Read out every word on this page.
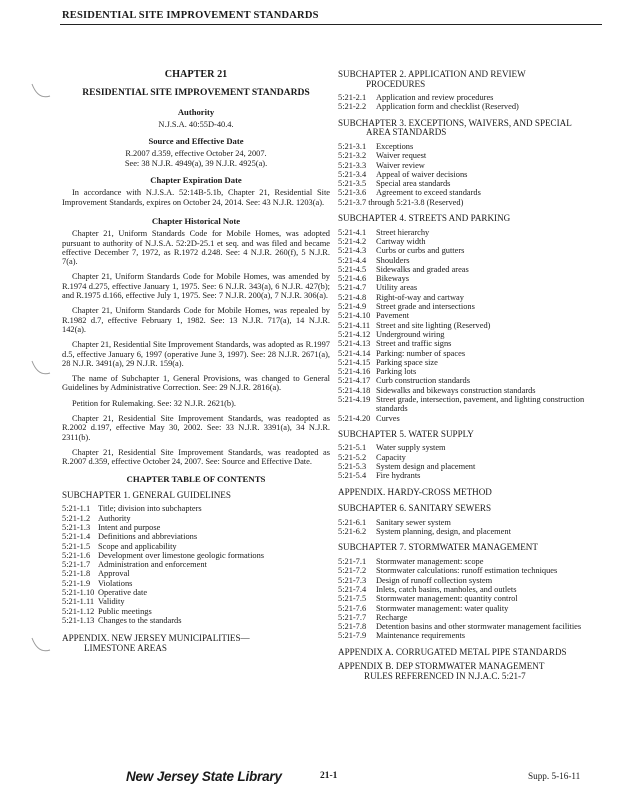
RESIDENTIAL SITE IMPROVEMENT STANDARDS
CHAPTER 21
RESIDENTIAL SITE IMPROVEMENT STANDARDS
Authority

N.J.S.A. 40:55D-40.4.

Source and Effective Date
R.2007 d.359, effective October 24, 2007.
See: 38 N.J.R. 4949(a), 39 N.J.R. 4925(a).
Chapter Expiration Date

In accordance with N.J.S.A. 52:14B-5.1b, Chapter 21, Residential Site Improvement Standards, expires on October 24, 2014. See: 43 N.J.R. 1203(a).

Chapter Historical Note

Chapter 21, Uniform Standards Code for Mobile Homes, was adopted pursuant to authority of N.J.S.A. 52:2D-25.1 et seq. and was filed and became effective December 7, 1972, as R.1972 d.248. See: 4 N.J.R. 260(f), 5 N.J.R. 7(a).

Chapter 21, Uniform Standards Code for Mobile Homes, was amended by R.1974 d.275, effective January 1, 1975. See: 6 N.J.R. 343(a), 6 N.J.R. 427(b); and R.1975 d.166, effective July 1, 1975. See: 7 N.J.R. 200(a), 7 N.J.R. 306(a).

Chapter 21, Uniform Standards Code for Mobile Homes, was repealed by R.1982 d.7, effective February 1, 1982. See: 13 N.J.R. 717(a), 14 N.J.R. 142(a).

Chapter 21, Residential Site Improvement Standards, was adopted as R.1997 d.5, effective January 6, 1997 (operative June 3, 1997). See: 28 N.J.R. 2671(a), 28 N.J.R. 3491(a), 29 N.J.R. 159(a).

The name of Subchapter 1, General Provisions, was changed to General Guidelines by Administrative Correction. See: 29 N.J.R. 2816(a).

Petition for Rulemaking. See: 32 N.J.R. 2621(b).

Chapter 21, Residential Site Improvement Standards, was readopted as R.2002 d.197, effective May 30, 2002. See: 33 N.J.R. 3391(a), 34 N.J.R. 2311(b).

Chapter 21, Residential Site Improvement Standards, was readopted as R.2007 d.359, effective October 24, 2007. See: Source and Effective Date.

CHAPTER TABLE OF CONTENTS
SUBCHAPTER 1. GENERAL GUIDELINES
5:21-1.1 Title; division into subchapters
5:21-1.2 Authority
5:21-1.3 Intent and purpose
5:21-1.4 Definitions and abbreviations
5:21-1.5 Scope and applicability
5:21-1.6 Development over limestone geologic formations
5:21-1.7 Administration and enforcement
5:21-1.8 Approval
5:21-1.9 Violations
5:21-1.10 Operative date
5:21-1.11 Validity
5:21-1.12 Public meetings
5:21-1.13 Changes to the standards
APPENDIX. NEW JERSEY MUNICIPALITIES—
LIMESTONE AREAS
SUBCHAPTER 2. APPLICATION AND REVIEW
PROCEDURES
5:21-2.1	Application and review procedures
5:21-2.2	Application form and checklist (Reserved)
SUBCHAPTER 3. EXCEPTIONS, WAIVERS, AND SPECIAL
AREA STANDARDS
5:21-3.1	Exceptions
5:21-3.2	Waiver request
5:21-3.3	Waiver review
5:21-3.4	Appeal of waiver decisions
5:21-3.5	Special area standards
5:21-3.6	Agreement to exceed standards
5:21-3.7 through 5:21-3.8 (Reserved)
SUBCHAPTER 4. STREETS AND PARKING
5:21-4.1	Street hierarchy
5:21-4.2	Cartway width
5:21-4.3	Curbs or curbs and gutters
5:21-4.4	Shoulders
5:21-4.5	Sidewalks and graded areas
5:21-4.6	Bikeways
5:21-4.7	Utility areas
5:21-4.8	Right-of-way and cartway
5:21-4.9	Street grade and intersections
5:21-4.10 Pavement
5:21-4.11 Street and site lighting (Reserved)
5:21-4.12 Underground wiring
5:21-4.13 Street and traffic signs
5:21-4.14 Parking: number of spaces
5:21-4.15 Parking space size
5:21-4.16 Parking lots
5:21-4.17 Curb construction standards
5:21-4.18 Sidewalks and bikeways construction standards
5:21-4.19 Street grade, intersection, pavement, and lighting construction standards
5:21-4.20 Curves
SUBCHAPTER 5. WATER SUPPLY
5:21-5.1	Water supply system
5:21-5.2	Capacity
5:21-5.3	System design and placement
5:21-5.4	Fire hydrants
APPENDIX. HARDY-CROSS METHOD
SUBCHAPTER 6. SANITARY SEWERS
5:21-6.1	Sanitary sewer system
5:21-6.2	System planning, design, and placement
SUBCHAPTER 7. STORMWATER MANAGEMENT
5:21-7.1	Stormwater management: scope
5:21-7.2	Stormwater calculations: runoff estimation techniques
5:21-7.3	Design of runoff collection system
5:21-7.4	Inlets, catch basins, manholes, and outlets
5:21-7.5	Stormwater management: quantity control
5:21-7.6	Stormwater management: water quality
5:21-7.7	Recharge
5:21-7.8	Detention basins and other stormwater management facilities
5:21-7.9	Maintenance requirements
APPENDIX A. CORRUGATED METAL PIPE STANDARDS
APPENDIX B. DEP STORMWATER MANAGEMENT
RULES REFERENCED IN N.J.A.C. 5:21-7
New Jersey State Library	21-1	Supp. 5-16-11
